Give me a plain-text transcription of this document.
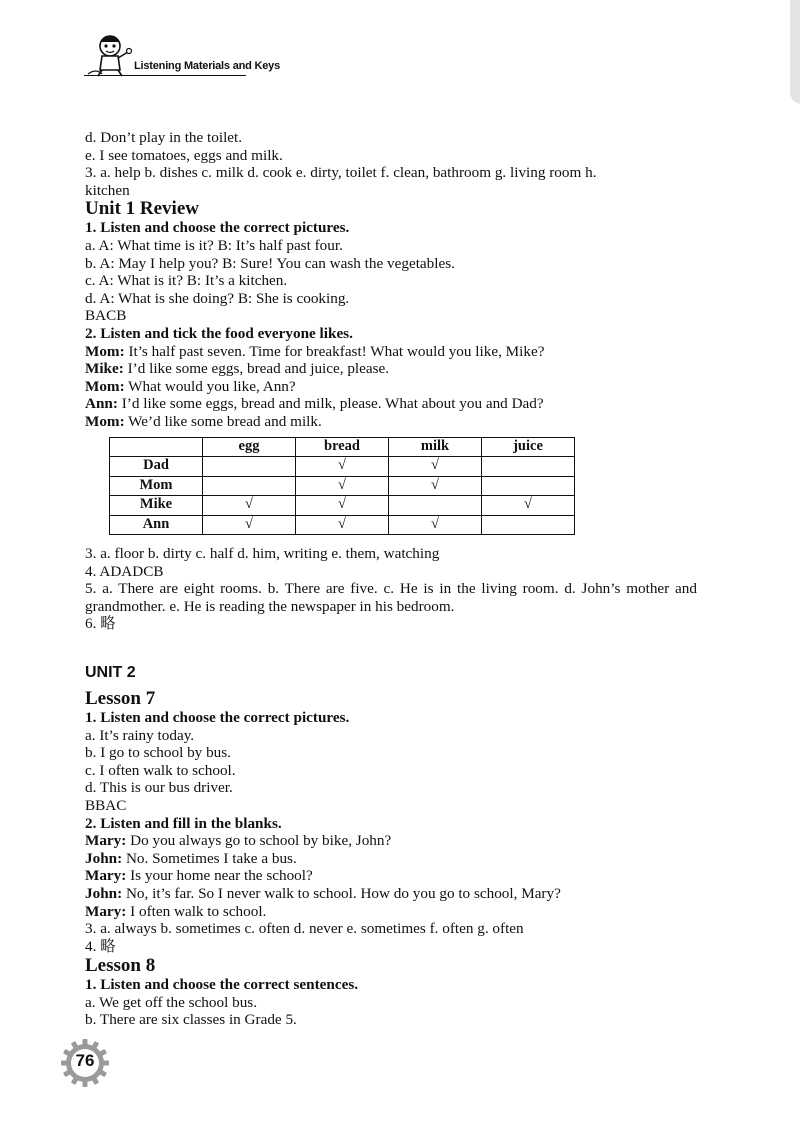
Listening Materials and Keys
d. Don’t play in the toilet.
e. I see tomatoes, eggs and milk.
3. a. help b. dishes c. milk d. cook e. dirty, toilet f. clean, bathroom g. living room h.
kitchen
Unit 1 Review
1. Listen and choose the correct pictures.
a. A: What time is it? B: It’s half past four.
b. A: May I help you? B: Sure! You can wash the vegetables.
c. A: What is it? B: It’s a kitchen.
d. A: What is she doing? B: She is cooking.
BACB
2. Listen and tick the food everyone likes.
Mom: It’s half past seven. Time for breakfast! What would you like, Mike?
Mike: I’d like some eggs, bread and juice, please.
Mom: What would you like, Ann?
Ann: I’d like some eggs, bread and milk, please. What about you and Dad?
Mom: We’d like some bread and milk.
	egg	bread	milk	juice
Dad		√	√	
Mom		√	√	
Mike	√	√		√
Ann	√	√	√	
3. a. floor b. dirty c. half d. him, writing e. them, watching
4. ADADCB
5. a. There are eight rooms. b. There are five. c. He is in the living room. d. John’s mother and grandmother. e. He is reading the newspaper in his bedroom.
6. 略
UNIT 2
Lesson 7
1. Listen and choose the correct pictures.
a. It’s rainy today.
b. I go to school by bus.
c. I often walk to school.
d. This is our bus driver.
BBAC
2. Listen and fill in the blanks.
Mary: Do you always go to school by bike, John?
John: No. Sometimes I take a bus.
Mary: Is your home near the school?
John: No, it’s far. So I never walk to school. How do you go to school, Mary?
Mary: I often walk to school.
3. a. always b. sometimes c. often d. never e. sometimes f. often g. often
4. 略
Lesson 8
1. Listen and choose the correct sentences.
a. We get off the school bus.
b. There are six classes in Grade 5.
76
